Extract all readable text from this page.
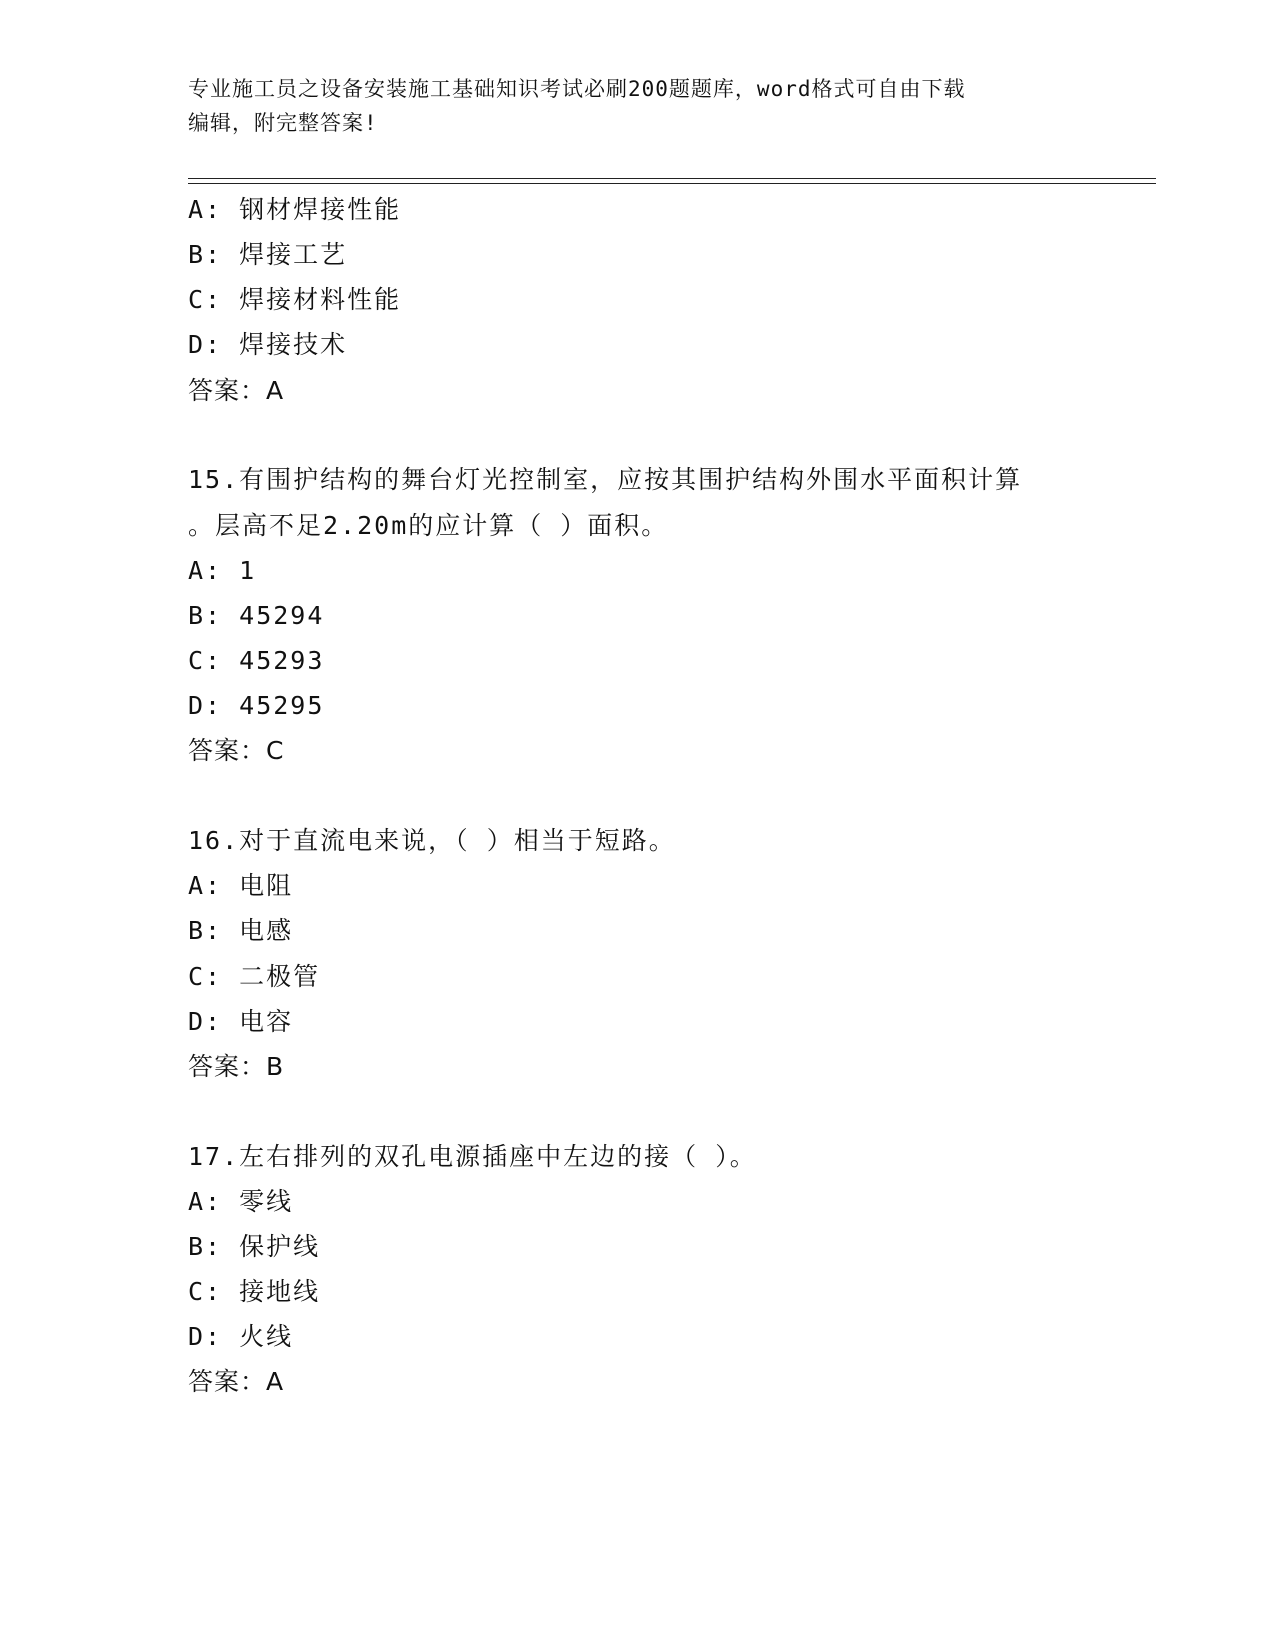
专业施工员之设备安装施工基础知识考试必刷200题题库，word格式可自由下载
编辑，附完整答案!
A: 钢材焊接性能
B: 焊接工艺
C: 焊接材料性能
D: 焊接技术
答案：A
15.有围护结构的舞台灯光控制室，应按其围护结构外围水平面积计算
。层高不足2.20m的应计算（ ）面积。
A: 1
B: 45294
C: 45293
D: 45295
答案：C
16.对于直流电来说，（ ）相当于短路。
A: 电阻
B: 电感
C: 二极管
D: 电容
答案：B
17.左右排列的双孔电源插座中左边的接（ ）。
A: 零线
B: 保护线
C: 接地线
D: 火线
答案：A
